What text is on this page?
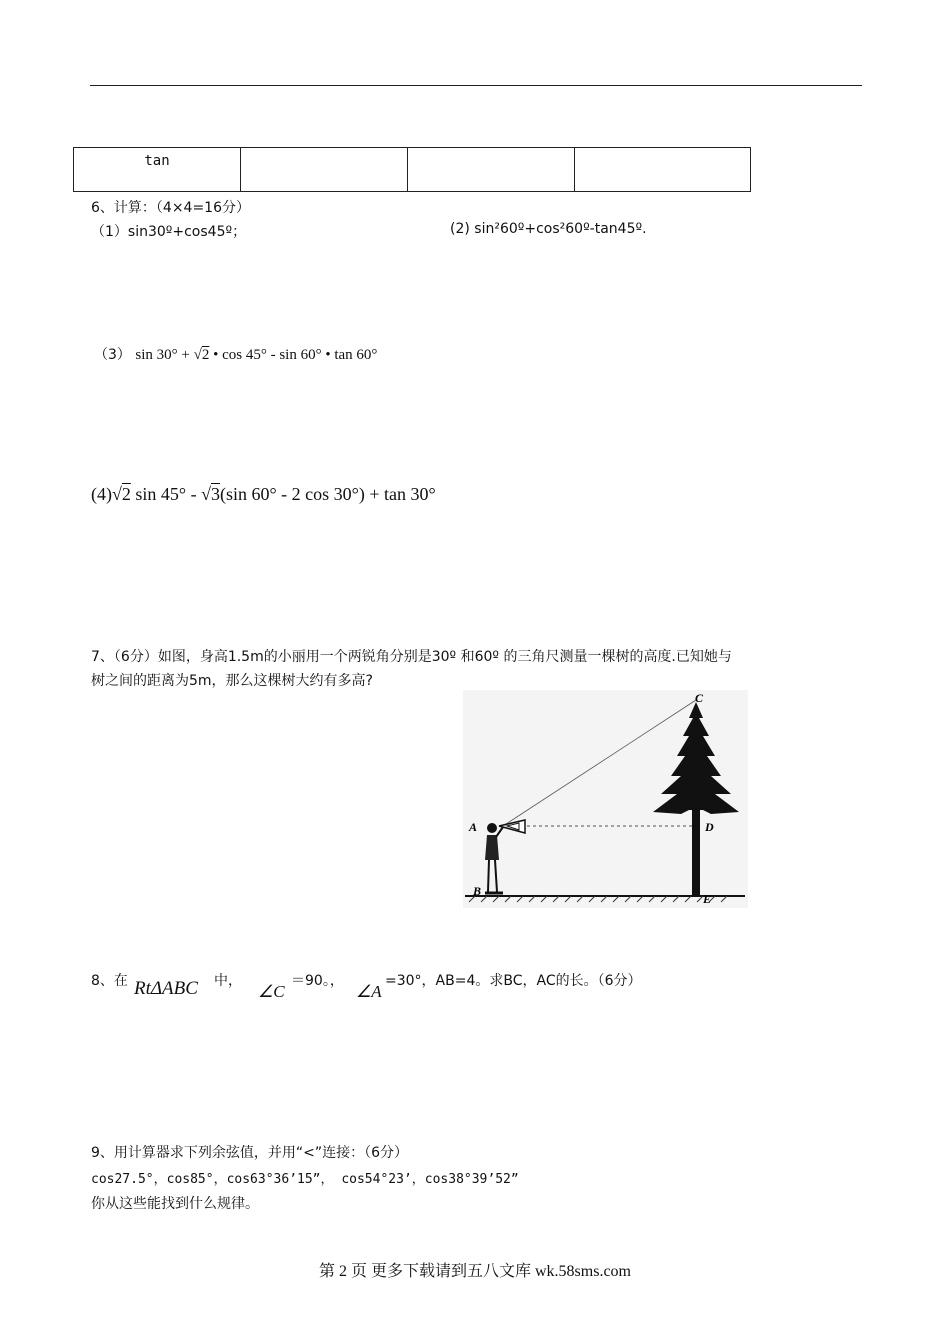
tan			
6、计算：（4×4=16分）
（1）sin30º+cos45º；	(2) sin²60º+cos²60º-tan45º.
（3） sin 30° + √2 • cos 45° - sin 60° • tan 60°
(4)√2 sin 45° - √3(sin 60° - 2 cos 30°) + tan 30°
7、（6分）如图，身高1.5m的小丽用一个两锐角分别是30º 和60º 的三角尺测量一棵树的高度.已知她与
树之间的距离为5m，那么这棵树大约有多高?
C
A
B
D
E
8、在 RtΔABC 中，
∠C
＝90。，
∠A
=30°，AB=4。求BC，AC的长。（6分）
9、用计算器求下列余弦值，并用“<”连接：（6分）
cos27.5°，cos85°，cos63°36’15”， cos54°23’，cos38°39’52”
你从这些能找到什么规律。
第 2 页 更多下载请到五八文库 wk.58sms.com
